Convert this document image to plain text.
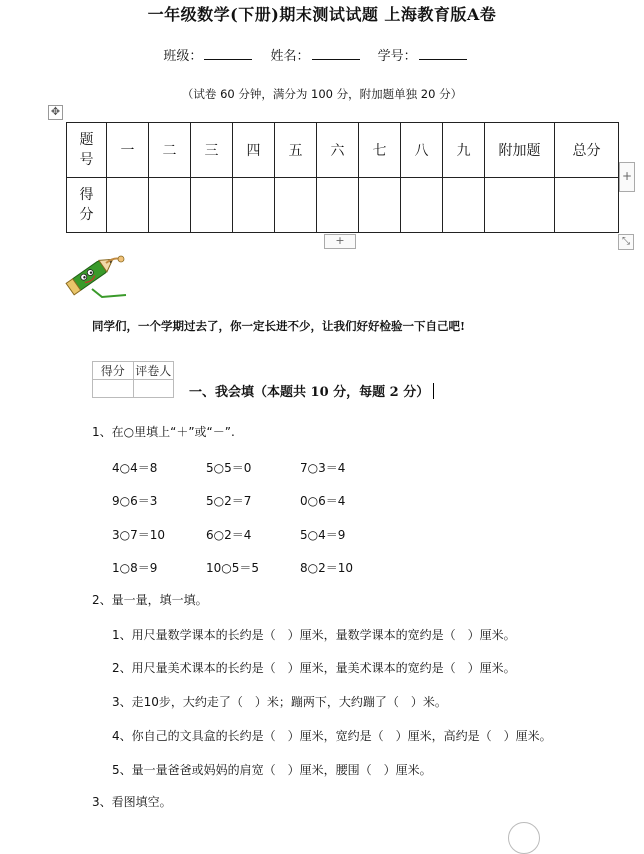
一年级数学(下册)期末测试试题 上海教育版A卷
班级：	姓名：	学号：
（试卷 60 分钟，满分为 100 分，附加题单独 20 分）
✥
题号	一	二	三	四	五	六	七	八	九	附加题	总分
得分											
+
+	⤡
同学们，一个学期过去了，你一定长进不少，让我们好好检验一下自己吧!
得分	评卷人

一、我会填（本题共 10 分，每题 2 分）
1、在○里填上“＋”或“－”.
4○4＝8	5○5＝0	7○3＝4
9○6＝3	5○2＝7	0○6＝4
3○7＝10	6○2＝4	5○4＝9
1○8＝9	10○5＝5	8○2＝10
2、量一量，填一填。
1、用尺量数学课本的长约是（　）厘米，量数学课本的宽约是（　）厘米。
2、用尺量美术课本的长约是（　）厘米，量美术课本的宽约是（　）厘米。
3、走10步，大约走了（　）米；蹦两下，大约蹦了（　）米。
4、你自己的文具盒的长约是（　）厘米，宽约是（　）厘米，高约是（　）厘米。
5、量一量爸爸或妈妈的肩宽（　）厘米，腰围（　）厘米。
3、看图填空。
